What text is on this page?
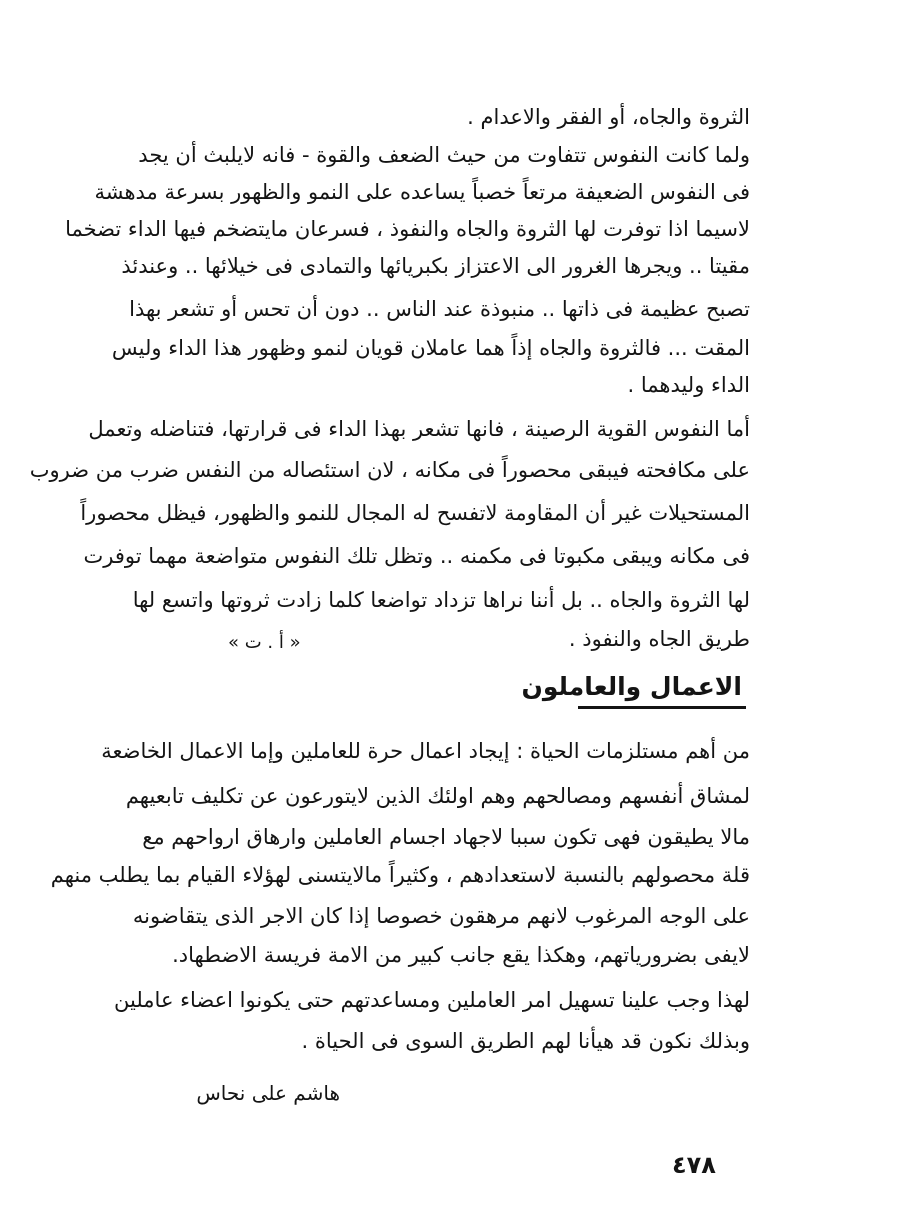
الثروة والجاه، أو الفقر والاعدام .
ولما كانت النفوس تتفاوت من حيث الضعف والقوة - فانه لايلبث أن يجد
فى النفوس الضعيفة مرتعاً خصباً يساعده على النمو والظهور بسرعة مدهشة
لاسيما اذا توفرت لها الثروة والجاه والنفوذ ، فسرعان مايتضخم فيها الداء تضخما
مقيتا .. ويجرها الغرور الى الاعتزاز بكبريائها والتمادى فى خيلائها .. وعندئذ
تصبح عظيمة فى ذاتها .. منبوذة عند الناس .. دون أن تحس أو تشعر بهذا
المقت ... فالثروة والجاه إذاً هما عاملان قويان لنمو وظهور هذا الداء وليس
الداء وليدهما .
أما النفوس القوية الرصينة ، فانها تشعر بهذا الداء فى قرارتها، فتناضله وتعمل
على مكافحته فيبقى محصوراً فى مكانه ، لان استئصاله من النفس ضرب من ضروب
المستحيلات غير أن المقاومة لاتفسح له المجال للنمو والظهور، فيظل محصوراً
فى مكانه ويبقى مكبوتا فى مكمنه .. وتظل تلك النفوس متواضعة مهما توفرت
لها الثروة والجاه .. بل أننا نراها تزداد تواضعا كلما زادت ثروتها واتسع لها
طريق الجاه والنفوذ .
« أ . ت »
الاعمال والعاملون
من أهم مستلزمات الحياة : إيجاد اعمال حرة للعاملين وإما الاعمال الخاضعة
لمشاق أنفسهم ومصالحهم وهم اولئك الذين لايتورعون عن تكليف تابعيهم
مالا يطيقون فهى تكون سببا لاجهاد اجسام العاملين وارهاق ارواحهم مع
قلة محصولهم بالنسبة لاستعدادهم ، وكثيراً مالايتسنى لهؤلاء القيام بما يطلب منهم
على الوجه المرغوب لانهم مرهقون خصوصا إذا كان الاجر الذى يتقاضونه
لايفى بضرورياتهم، وهكذا يقع جانب كبير من الامة فريسة الاضطهاد.
لهذا وجب علينا تسهيل امر العاملين ومساعدتهم حتى يكونوا اعضاء عاملين
وبذلك نكون قد هيأنا لهم الطريق السوى فى الحياة .
هاشم على نحاس
٤٧٨
